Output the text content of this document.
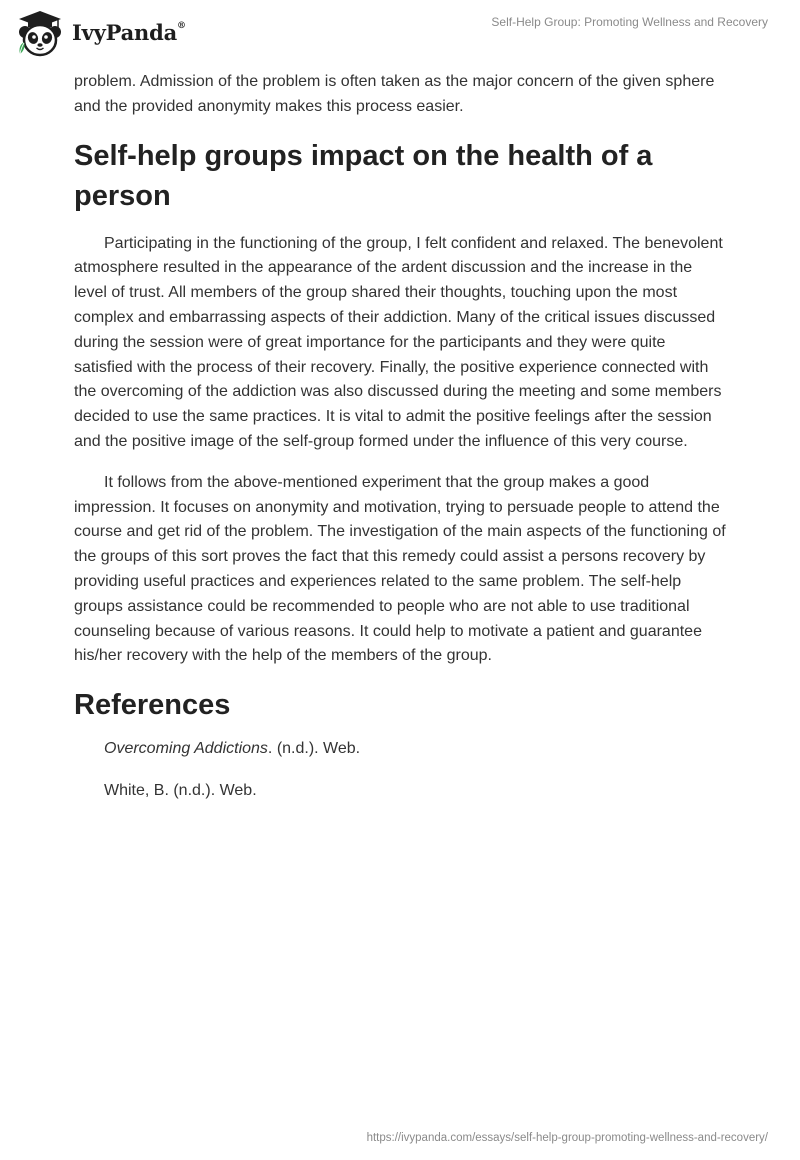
IvyPanda®	Self-Help Group: Promoting Wellness and Recovery

problem. Admission of the problem is often taken as the major concern of the given sphere and the provided anonymity makes this process easier.

Self-help groups impact on the health of a person

Participating in the functioning of the group, I felt confident and relaxed. The benevolent atmosphere resulted in the appearance of the ardent discussion and the increase in the level of trust. All members of the group shared their thoughts, touching upon the most complex and embarrassing aspects of their addiction. Many of the critical issues discussed during the session were of great importance for the participants and they were quite satisfied with the process of their recovery. Finally, the positive experience connected with the overcoming of the addiction was also discussed during the meeting and some members decided to use the same practices. It is vital to admit the positive feelings after the session and the positive image of the self-group formed under the influence of this very course.

It follows from the above-mentioned experiment that the group makes a good impression. It focuses on anonymity and motivation, trying to persuade people to attend the course and get rid of the problem. The investigation of the main aspects of the functioning of the groups of this sort proves the fact that this remedy could assist a persons recovery by providing useful practices and experiences related to the same problem. The self-help groups assistance could be recommended to people who are not able to use traditional counseling because of various reasons. It could help to motivate a patient and guarantee his/her recovery with the help of the members of the group.

References

Overcoming Addictions. (n.d.). Web.

White, B. (n.d.). Web.

https://ivypanda.com/essays/self-help-group-promoting-wellness-and-recovery/
